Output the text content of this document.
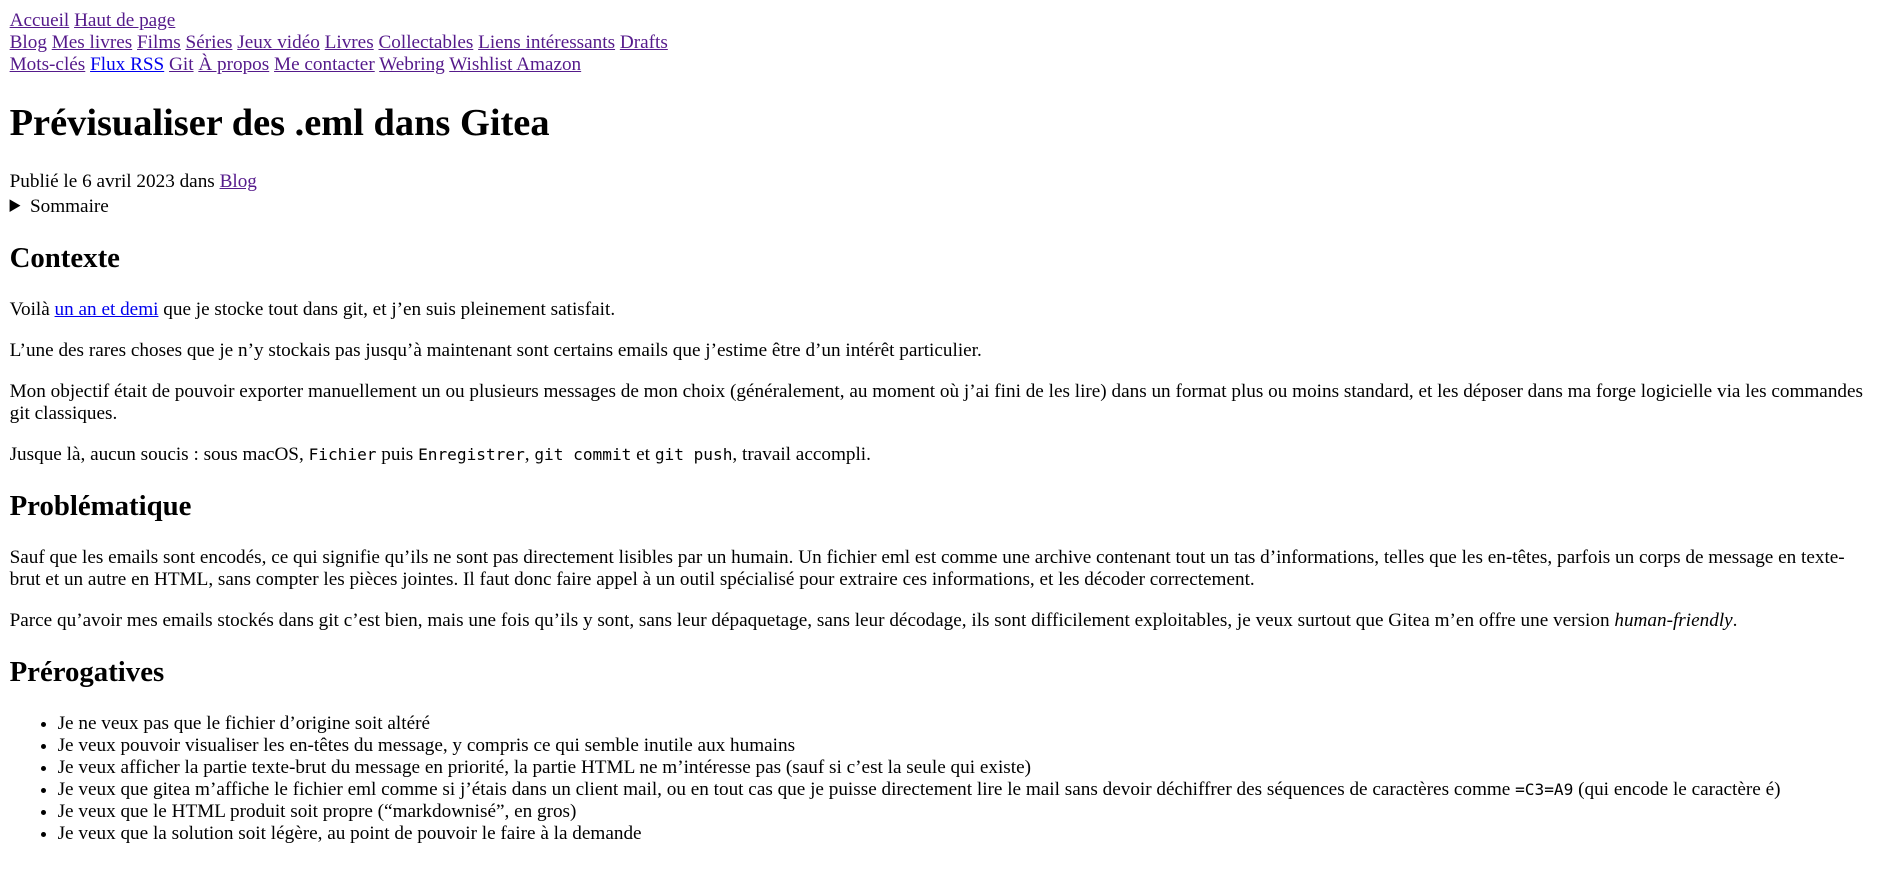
Accueil Haut de page
Blog Mes livres Films Séries Jeux vidéo Livres Collectables Liens intéressants Drafts
Mots-clés Flux RSS Git À propos Me contacter Webring Wishlist Amazon
Prévisualiser des .eml dans Gitea

Publié le 6 avril 2023 dans Blog

Sommaire
Contexte

Voilà un an et demi que je stocke tout dans git, et j’en suis pleinement satisfait.

L’une des rares choses que je n’y stockais pas jusqu’à maintenant sont certains emails que j’estime être d’un intérêt particulier.

Mon objectif était de pouvoir exporter manuellement un ou plusieurs messages de mon choix (généralement, au moment où j’ai fini de les lire) dans un format plus ou moins standard, et les déposer dans ma forge logicielle via les commandes git classiques.

Jusque là, aucun soucis : sous macOS, Fichier puis Enregistrer, git commit et git push, travail accompli.

Problématique

Sauf que les emails sont encodés, ce qui signifie qu’ils ne sont pas directement lisibles par un humain. Un fichier eml est comme une archive contenant tout un tas d’informations, telles que les en-têtes, parfois un corps de message en texte-brut et un autre en HTML, sans compter les pièces jointes. Il faut donc faire appel à un outil spécialisé pour extraire ces informations, et les décoder correctement.

Parce qu’avoir mes emails stockés dans git c’est bien, mais une fois qu’ils y sont, sans leur dépaquetage, sans leur décodage, ils sont difficilement exploitables, je veux surtout que Gitea m’en offre une version human-friendly.

Prérogatives
• Je ne veux pas que le fichier d’origine soit altéré
• Je veux pouvoir visualiser les en-têtes du message, y compris ce qui semble inutile aux humains
• Je veux afficher la partie texte-brut du message en priorité, la partie HTML ne m’intéresse pas (sauf si c’est la seule qui existe)
• Je veux que gitea m’affiche le fichier eml comme si j’étais dans un client mail, ou en tout cas que je puisse directement lire le mail sans devoir déchiffrer des séquences de caractères comme =C3=A9 (qui encode le caractère é)
• Je veux que le HTML produit soit propre (“markdownisé”, en gros)
• Je veux que la solution soit légère, au point de pouvoir le faire à la demande
